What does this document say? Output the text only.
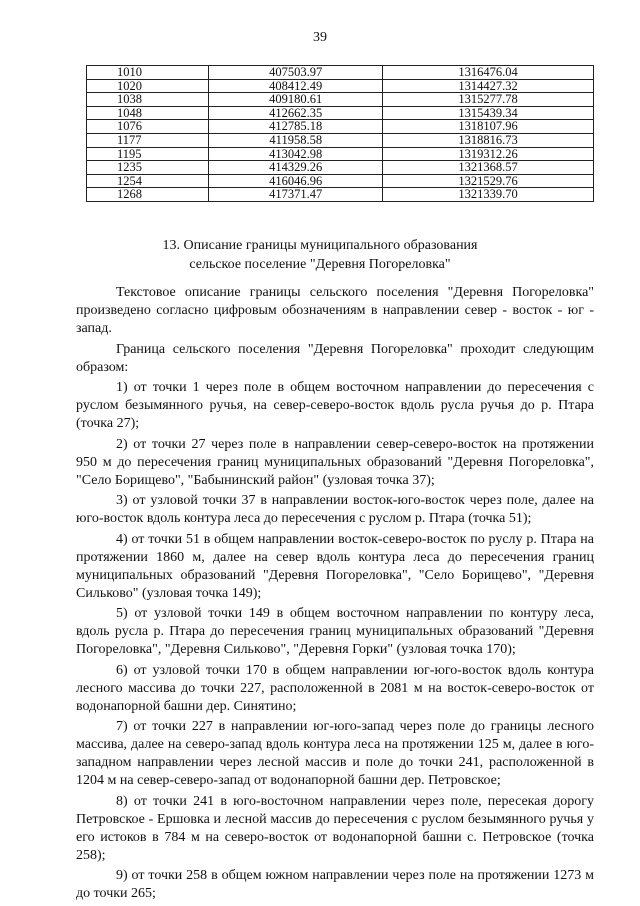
39
1010	407503.97	1316476.04
1020	408412.49	1314427.32
1038	409180.61	1315277.78
1048	412662.35	1315439.34
1076	412785.18	1318107.96
1177	411958.58	1318816.73
1195	413042.98	1319312.26
1235	414329.26	1321368.57
1254	416046.96	1321529.76
1268	417371.47	1321339.70
13. Описание границы муниципального образования
сельское поселение "Деревня Погореловка"

Текстовое описание границы сельского поселения "Деревня Погореловка" произведено согласно цифровым обозначениям в направлении север - восток - юг - запад.

Граница сельского поселения "Деревня Погореловка" проходит следующим образом:

1) от точки 1 через поле в общем восточном направлении до пересечения с руслом безымянного ручья, на север-северо-восток вдоль русла ручья до р. Птара (точка 27);

2) от точки 27 через поле в направлении север-северо-восток на протяжении 950 м до пересечения границ муниципальных образований "Деревня Погореловка", "Село Борищево", "Бабынинский район" (узловая точка 37);

3) от узловой точки 37 в направлении восток-юго-восток через поле, далее на юго-восток вдоль контура леса до пересечения с руслом р. Птара (точка 51);

4) от точки 51 в общем направлении восток-северо-восток по руслу р. Птара на протяжении 1860 м, далее на север вдоль контура леса до пересечения границ муниципальных образований "Деревня Погореловка", "Село Борищево", "Деревня Сильково" (узловая точка 149);

5) от узловой точки 149 в общем восточном направлении по контуру леса, вдоль русла р. Птара до пересечения границ муниципальных образований "Деревня Погореловка", "Деревня Сильково", "Деревня Горки" (узловая точка 170);

6) от узловой точки 170 в общем направлении юг-юго-восток вдоль контура лесного массива до точки 227, расположенной в 2081 м на восток-северо-восток от водонапорной башни дер. Синятино;

7) от точки 227 в направлении юг-юго-запад через поле до границы лесного массива, далее на северо-запад вдоль контура леса на протяжении 125 м, далее в юго-западном направлении через лесной массив и поле до точки 241, расположенной в 1204 м на север-северо-запад от водонапорной башни дер. Петровское;

8) от точки 241 в юго-восточном направлении через поле, пересекая дорогу Петровское - Ершовка и лесной массив до пересечения с руслом безымянного ручья у его истоков в 784 м на северо-восток от водонапорной башни с. Петровское (точка 258);

9) от точки 258 в общем южном направлении через поле на протяжении 1273 м до точки 265;
